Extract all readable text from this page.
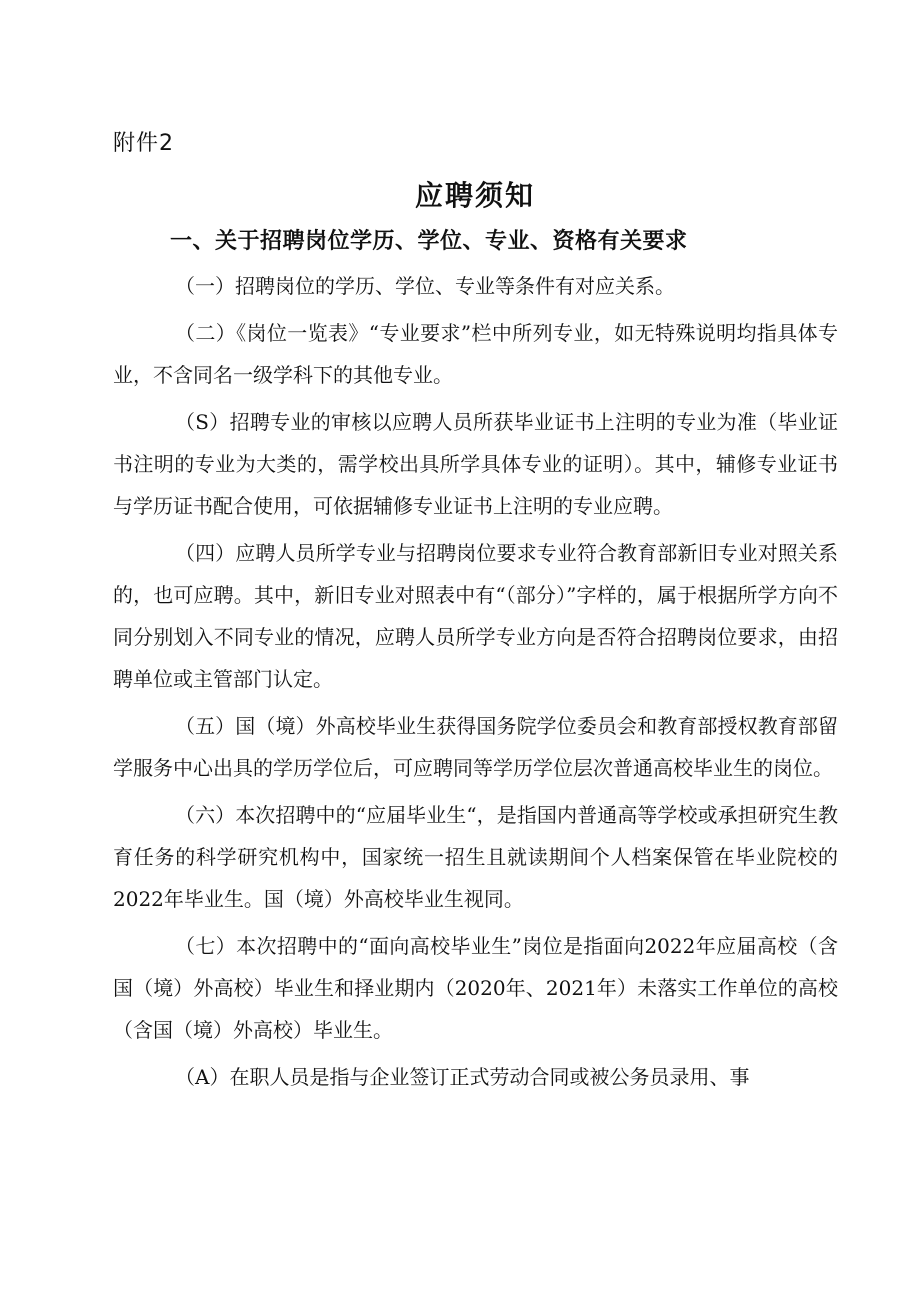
附件2
应聘须知
一、关于招聘岗位学历、学位、专业、资格有关要求

（一）招聘岗位的学历、学位、专业等条件有对应关系。

（二）《岗位一览表》“专业要求”栏中所列专业，如无特殊说明均指具体专业，不含同名一级学科下的其他专业。

（S）招聘专业的审核以应聘人员所获毕业证书上注明的专业为准（毕业证书注明的专业为大类的，需学校出具所学具体专业的证明）。其中，辅修专业证书与学历证书配合使用，可依据辅修专业证书上注明的专业应聘。

（四）应聘人员所学专业与招聘岗位要求专业符合教育部新旧专业对照关系的，也可应聘。其中，新旧专业对照表中有“（部分）”字样的，属于根据所学方向不同分别划入不同专业的情况，应聘人员所学专业方向是否符合招聘岗位要求，由招聘单位或主管部门认定。

（五）国（境）外高校毕业生获得国务院学位委员会和教育部授权教育部留学服务中心出具的学历学位后，可应聘同等学历学位层次普通高校毕业生的岗位。

（六）本次招聘中的“应届毕业生“，是指国内普通高等学校或承担研究生教育任务的科学研究机构中，国家统一招生且就读期间个人档案保管在毕业院校的2022年毕业生。国（境）外高校毕业生视同。

（七）本次招聘中的“面向高校毕业生”岗位是指面向2022年应届高校（含国（境）外高校）毕业生和择业期内（2020年、2021年）未落实工作单位的高校（含国（境）外高校）毕业生。

（A）在职人员是指与企业签订正式劳动合同或被公务员录用、事
